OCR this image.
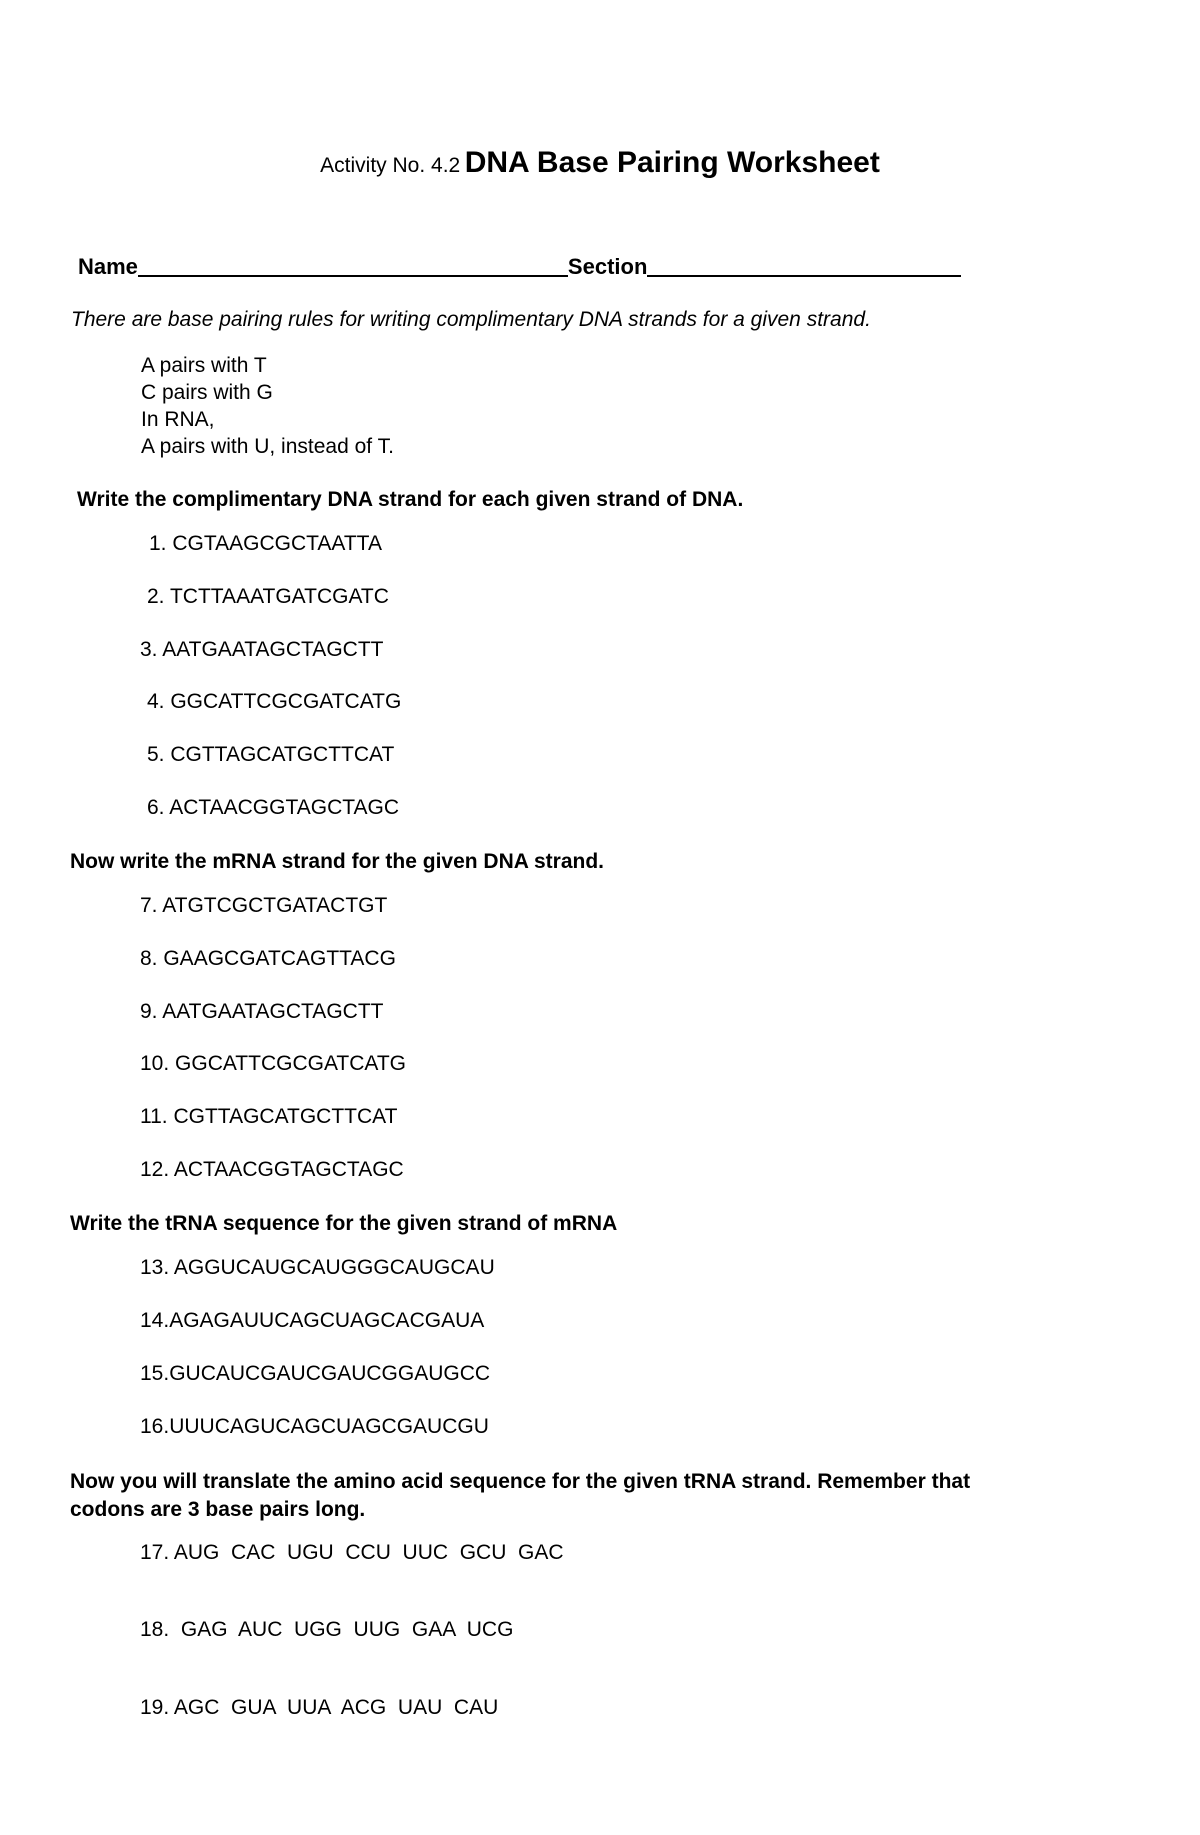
Activity No. 4.2 DNA Base Pairing Worksheet
Name	Section
There are base pairing rules for writing complimentary DNA strands for a given strand.
A pairs with T
C pairs with G
In RNA,
A pairs with U, instead of T.
Write the complimentary DNA strand for each given strand of DNA.
1. CGTAAGCGCTAATTA
2. TCTTAAATGATCGATC
3. AATGAATAGCTAGCTT
4. GGCATTCGCGATCATG
5. CGTTAGCATGCTTCAT
6. ACTAACGGTAGCTAGC
Now write the mRNA strand for the given DNA strand.
7. ATGTCGCTGATACTGT
8. GAAGCGATCAGTTACG
9. AATGAATAGCTAGCTT
10. GGCATTCGCGATCATG
11. CGTTAGCATGCTTCAT
12. ACTAACGGTAGCTAGC
Write the tRNA sequence for the given strand of mRNA
13. AGGUCAUGCAUGGGCAUGCAU
14.AGAGAUUCAGCUAGCACGAUA
15.GUCAUCGAUCGAUCGGAUGCC
16.UUUCAGUCAGCUAGCGAUCGU
Now you will translate the amino acid sequence for the given tRNA strand. Remember that
codons are 3 base pairs long.
17. AUG  CAC  UGU  CCU  UUC  GCU  GAC
18.  GAG  AUC  UGG  UUG  GAA  UCG
19. AGC  GUA  UUA  ACG  UAU  CAU
